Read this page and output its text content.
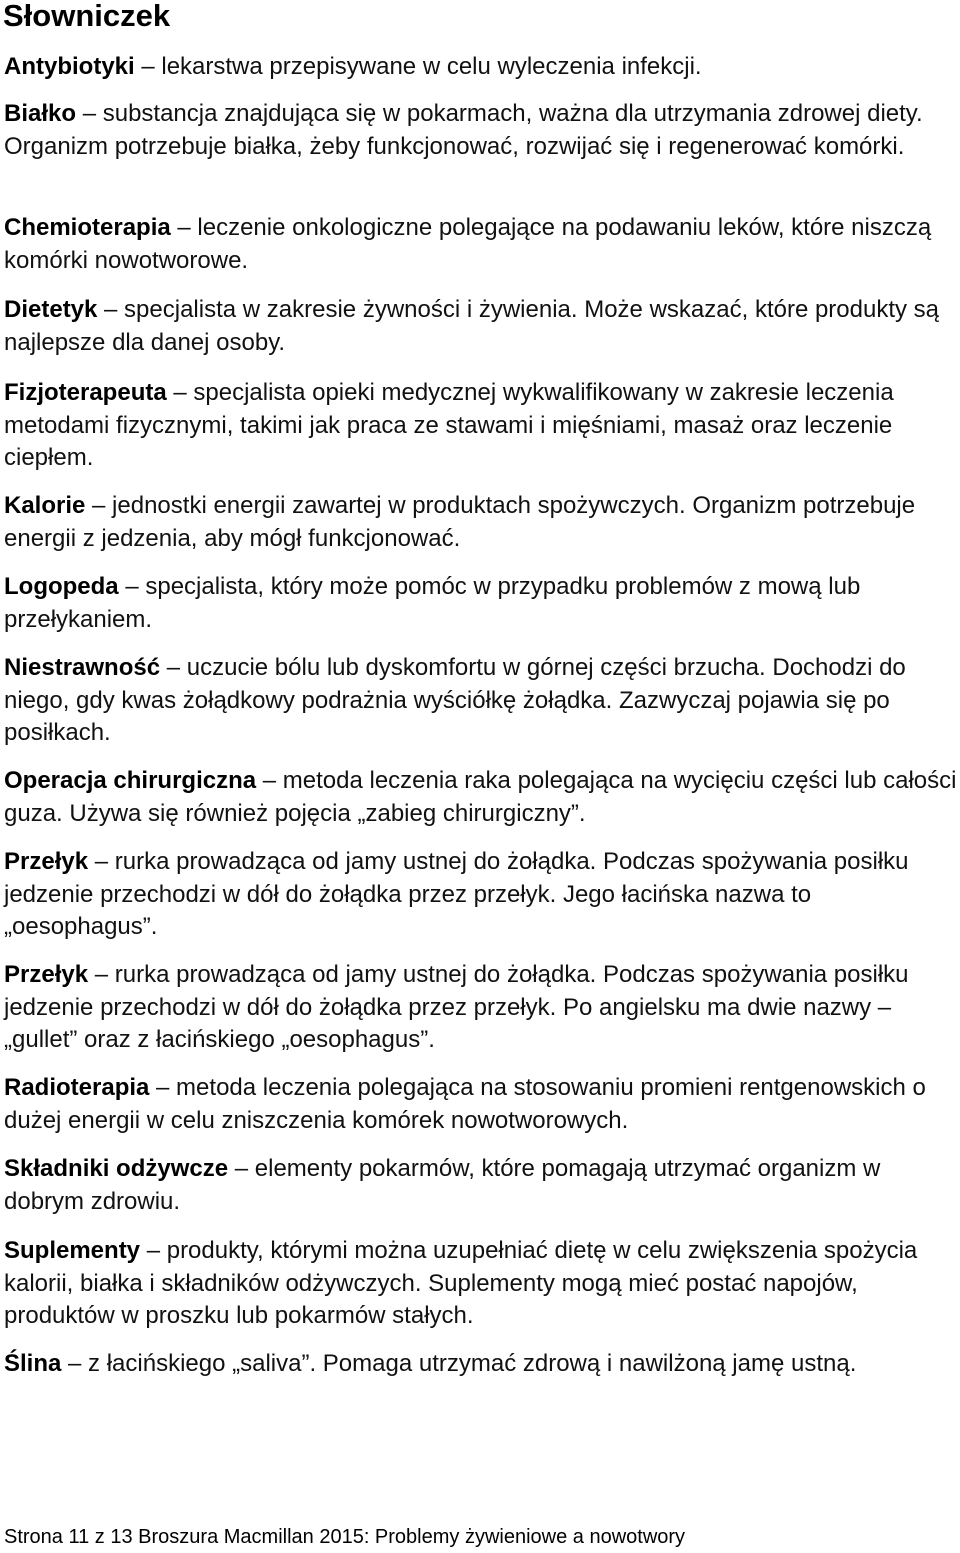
Słowniczek
Antybiotyki – lekarstwa przepisywane w celu wyleczenia infekcji.
Białko – substancja znajdująca się w pokarmach, ważna dla utrzymania zdrowej diety. Organizm potrzebuje białka, żeby funkcjonować, rozwijać się i regenerować komórki.
Chemioterapia – leczenie onkologiczne polegające na podawaniu leków, które niszczą komórki nowotworowe.
Dietetyk – specjalista w zakresie żywności i żywienia. Może wskazać, które produkty są najlepsze dla danej osoby.
Fizjoterapeuta – specjalista opieki medycznej wykwalifikowany w zakresie leczenia metodami fizycznymi, takimi jak praca ze stawami i mięśniami, masaż oraz leczenie ciepłem.
Kalorie – jednostki energii zawartej w produktach spożywczych. Organizm potrzebuje energii z jedzenia, aby mógł funkcjonować.
Logopeda – specjalista, który może pomóc w przypadku problemów z mową lub przełykaniem.
Niestrawność – uczucie bólu lub dyskomfortu w górnej części brzucha. Dochodzi do niego, gdy kwas żołądkowy podrażnia wyściółkę żołądka. Zazwyczaj pojawia się po posiłkach.
Operacja chirurgiczna – metoda leczenia raka polegająca na wycięciu części lub całości guza. Używa się również pojęcia „zabieg chirurgiczny”.
Przełyk – rurka prowadząca od jamy ustnej do żołądka. Podczas spożywania posiłku jedzenie przechodzi w dół do żołądka przez przełyk. Jego łacińska nazwa to „oesophagus”.
Przełyk – rurka prowadząca od jamy ustnej do żołądka. Podczas spożywania posiłku jedzenie przechodzi w dół do żołądka przez przełyk. Po angielsku ma dwie nazwy – „gullet” oraz z łacińskiego „oesophagus”.
Radioterapia – metoda leczenia polegająca na stosowaniu promieni rentgenowskich o dużej energii w celu zniszczenia komórek nowotworowych.
Składniki odżywcze – elementy pokarmów, które pomagają utrzymać organizm w dobrym zdrowiu.
Suplementy – produkty, którymi można uzupełniać dietę w celu zwiększenia spożycia kalorii, białka i składników odżywczych. Suplementy mogą mieć postać napojów, produktów w proszku lub pokarmów stałych.
Ślina – z łacińskiego „saliva”. Pomaga utrzymać zdrową i nawilżoną jamę ustną.
Strona 11 z 13 Broszura Macmillan 2015: Problemy żywieniowe a nowotwory
